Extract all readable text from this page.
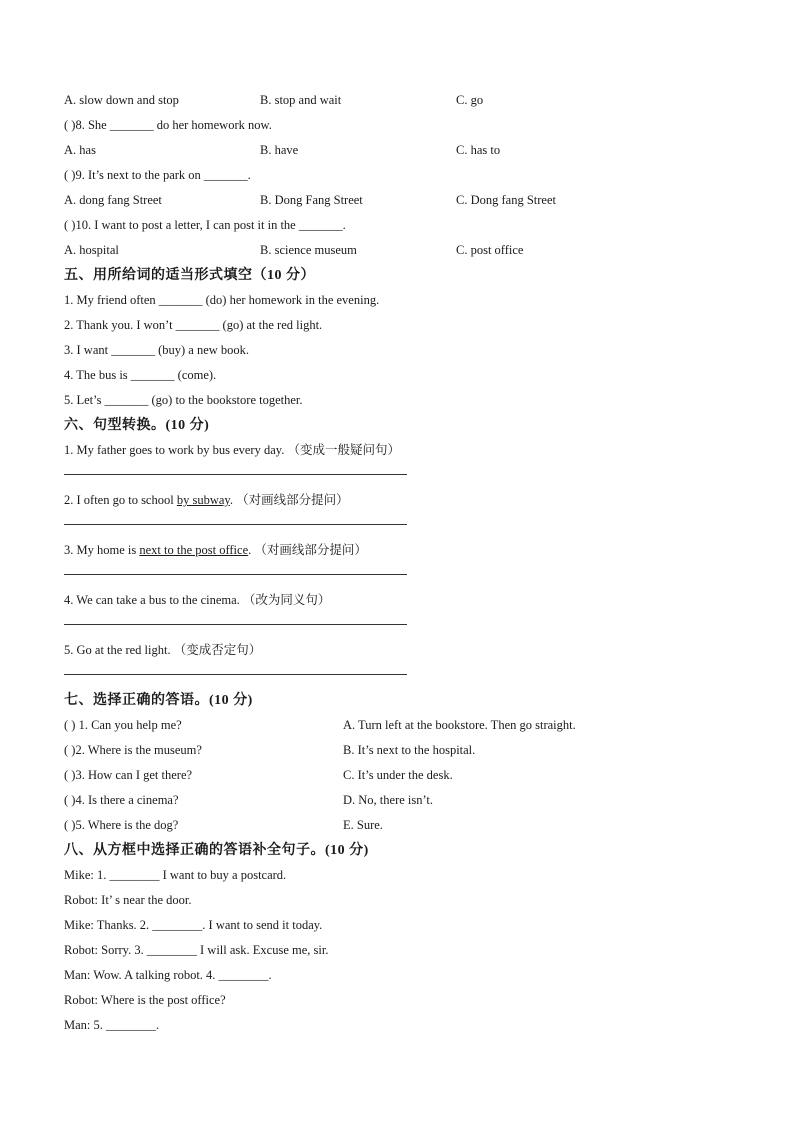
A. slow down and stop	B. stop and wait	C. go
( )8. She _______ do her homework now.
A. has	B. have	C. has to
( )9. It’s next to the park on _______.
A. dong fang Street	B. Dong Fang Street	C. Dong fang Street
( )10. I want to post a letter, I can post it in the _______.
A. hospital	B. science museum	C. post office
五、用所给词的适当形式填空（10 分）
1. My friend often _______ (do) her homework in the evening.
2. Thank you. I won’t _______ (go) at the red light.
3. I want _______ (buy) a new book.
4. The bus is _______ (come).
5. Let’s _______ (go) to the bookstore together.
六、句型转换。(10 分)
1. My father goes to work by bus every day. （变成一般疑问句）
2. I often go to school by subway. （对画线部分提问）
3. My home is next to the post office. （对画线部分提问）
4. We can take a bus to the cinema. （改为同义句）
5. Go at the red light. （变成否定句）
七、选择正确的答语。(10 分)
( ) 1. Can you help me?	A. Turn left at the bookstore. Then go straight.
( )2. Where is the museum?	B. It’s next to the hospital.
( )3. How can I get there?	C. It’s under the desk.
( )4. Is there a cinema?	D. No, there isn’t.
( )5. Where is the dog?	E. Sure.
八、从方框中选择正确的答语补全句子。(10 分)
Mike: 1. ________ I want to buy a postcard.
Robot: It’ s near the door.
Mike: Thanks. 2. ________. I want to send it today.
Robot: Sorry. 3. ________ I will ask. Excuse me, sir.
Man: Wow. A talking robot. 4. ________.
Robot: Where is the post office?
Man: 5. ________.
